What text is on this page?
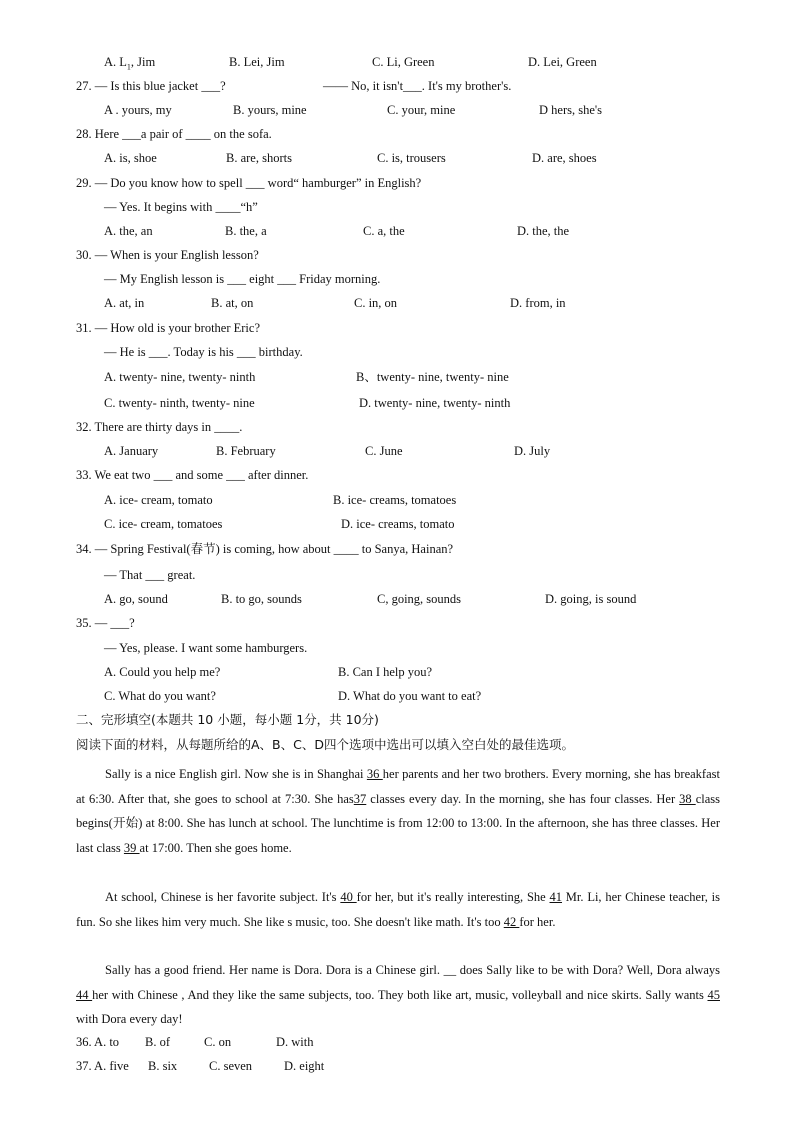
A. $L_1$, Jim	B. Lei, Jim	C. Li, Green	D. Lei, Green
27. — Is this blue jacket ___?	—— No, it isn't___. It's my brother's.
A . yours, my	B. yours, mine	C. your, mine	D hers, she's
28. Here ___a pair of ____ on the sofa.
A. is, shoe	B. are, shorts	C. is, trousers	D. are, shoes
29. — Do you know how to spell ___ word“ hamburger” in English?
— Yes. It begins with ____“h”
A. the, an	B. the, a	C. a, the	D. the, the
30. — When is your English lesson?
— My English lesson is ___ eight ___ Friday morning.
A. at, in	B. at, on	C. in, on	D. from, in
31. — How old is your brother Eric?
— He is ___. Today is his ___ birthday.
A. twenty- nine, twenty- ninth	B、twenty- nine, twenty- nine
C. twenty- ninth, twenty- nine	D. twenty- nine, twenty- ninth
32. There are thirty days in ____.
A. January	B. February	C. June	D. July
33. We eat two ___ and some ___ after dinner.
A. ice- cream, tomato	B. ice- creams, tomatoes
C. ice- cream, tomatoes	D. ice- creams, tomato
34. — Spring Festival(春节) is coming, how about ____ to Sanya, Hainan?
— That ___ great.
A. go, sound	B. to go, sounds	C, going, sounds	D. going, is sound
35. — ___?
— Yes, please. I want some hamburgers.
A. Could you help me?	B. Can I help you?
C. What do you want?	D. What do you want to eat?
二、完形填空(本题共 10 小题，每小题 1分，共 10分)
阅读下面的材料，从每题所给的A、B、C、D四个选项中选出可以填入空白处的最佳选项。

Sally is a nice English girl. Now she is in Shanghai 36 her parents and her two brothers. Every morning, she has breakfast at 6:30. After that, she goes to school at 7:30. She has37 classes every day. In the morning, she has four classes. Her 38 class begins(开始) at 8:00. She has lunch at school. The lunchtime is from 12:00 to 13:00. In the afternoon, she has three classes. Her last class 39 at 17:00. Then she goes home.

At school, Chinese is her favorite subject. It's 40 for her, but it's really interesting, She 41 Mr. Li, her Chinese teacher, is fun. So she likes him very much. She like s music, too. She doesn't like math. It's too 42 for her.

Sally has a good friend. Her name is Dora. Dora is a Chinese girl. __ does Sally like to be with Dora? Well, Dora always 44 her with Chinese , And they like the same subjects, too. They both like art, music, volleyball and nice skirts. Sally wants 45 with Dora every day!

36. A. to B. of	C. on	D. with
37. A. five B. six	C. seven	D. eight
